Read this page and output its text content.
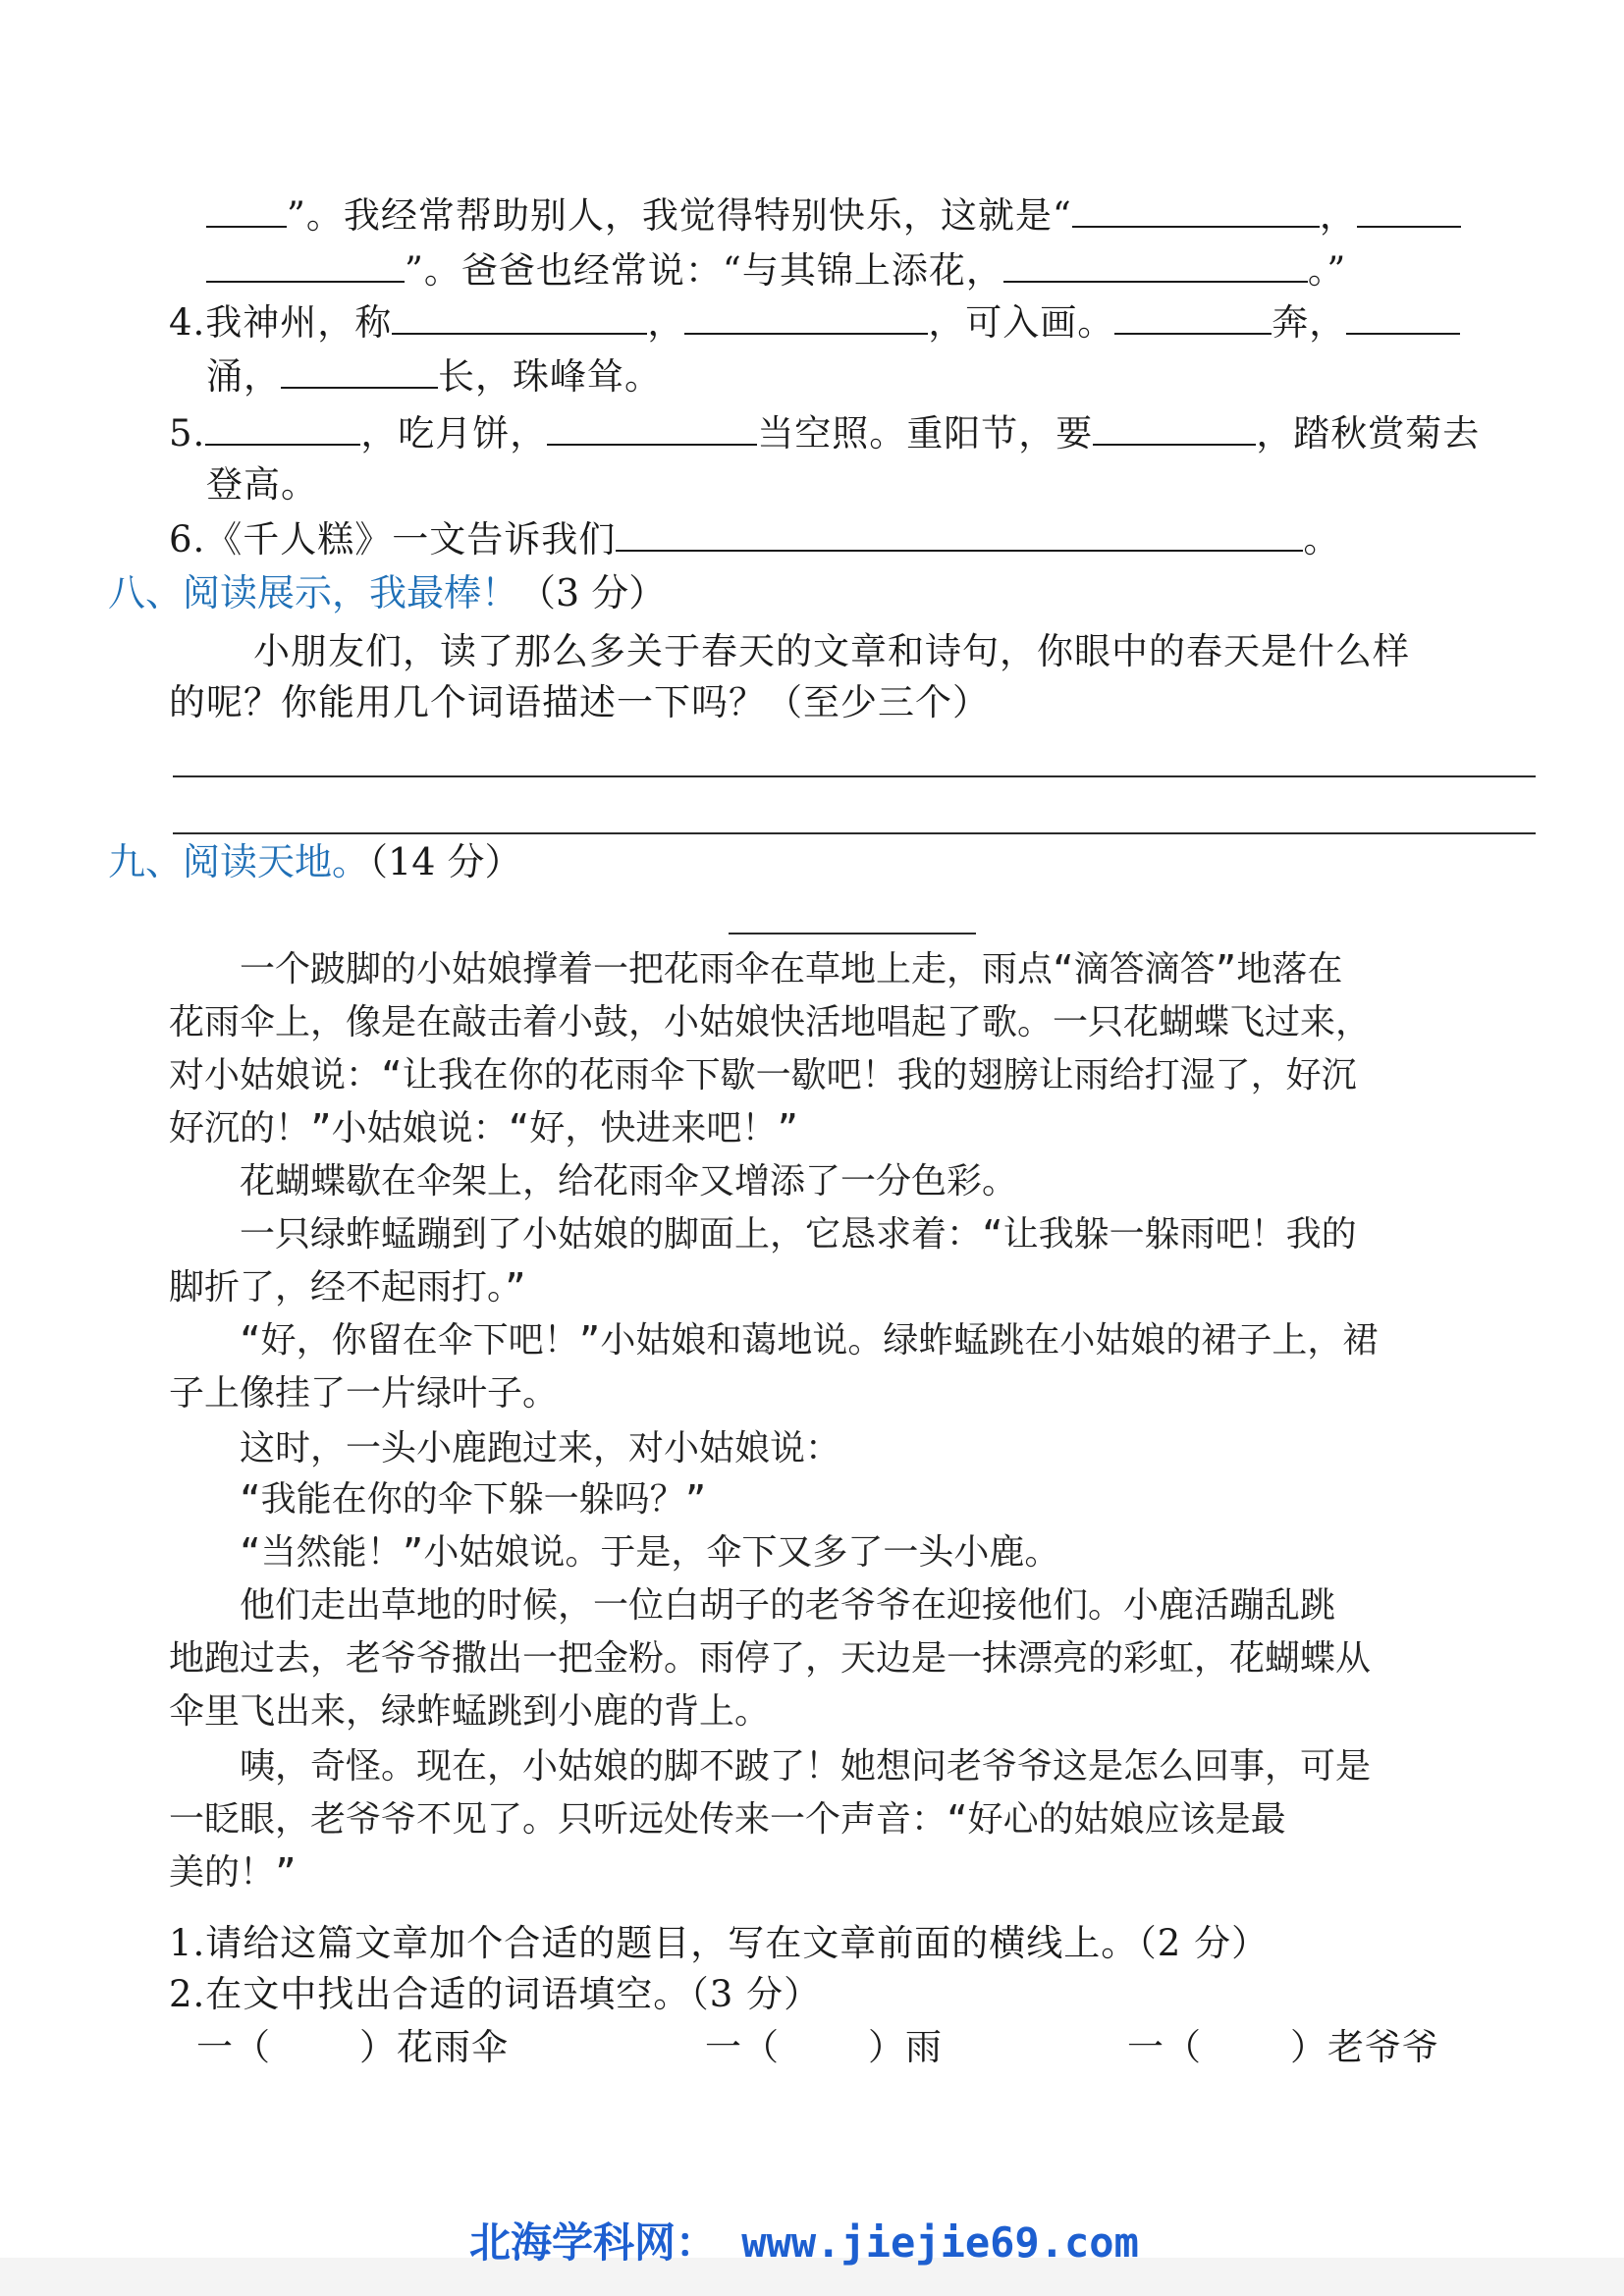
”。我经常帮助别人，我觉得特别快乐，这就是“	，
”。爸爸也经常说：“与其锦上添花，	。”
4.我神州，称	，	，可入画。	奔，
涌，	长，珠峰耸。
5.	，吃月饼，	当空照。重阳节，要	，踏秋赏菊去
登高。
6.《千人糕》一文告诉我们	。
八、阅读展示，我最棒！（3 分）
小朋友们，读了那么多关于春天的文章和诗句，你眼中的春天是什么样
的呢？你能用几个词语描述一下吗？（至少三个）
九、阅读天地。（14 分）
　　一个跛脚的小姑娘撑着一把花雨伞在草地上走，雨点“滴答滴答”地落在
花雨伞上，像是在敲击着小鼓，小姑娘快活地唱起了歌。一只花蝴蝶飞过来，
对小姑娘说：“让我在你的花雨伞下歇一歇吧！我的翅膀让雨给打湿了，好沉
好沉的！”小姑娘说：“好，快进来吧！”
　　花蝴蝶歇在伞架上，给花雨伞又增添了一分色彩。
　　一只绿蚱蜢蹦到了小姑娘的脚面上，它恳求着：“让我躲一躲雨吧！我的
脚折了，经不起雨打。”
　　“好，你留在伞下吧！”小姑娘和蔼地说。绿蚱蜢跳在小姑娘的裙子上，裙
子上像挂了一片绿叶子。
　　这时，一头小鹿跑过来，对小姑娘说：
　　“我能在你的伞下躲一躲吗？”
　　“当然能！”小姑娘说。于是，伞下又多了一头小鹿。
　　他们走出草地的时候，一位白胡子的老爷爷在迎接他们。小鹿活蹦乱跳
地跑过去，老爷爷撒出一把金粉。雨停了，天边是一抹漂亮的彩虹，花蝴蝶从
伞里飞出来，绿蚱蜢跳到小鹿的背上。
　　咦，奇怪。现在，小姑娘的脚不跛了！她想问老爷爷这是怎么回事，可是
一眨眼，老爷爷不见了。只听远处传来一个声音：“好心的姑娘应该是最
美的！”
1.请给这篇文章加个合适的题目，写在文章前面的横线上。（2 分）
2.在文中找出合适的词语填空。（3 分）
一（ ）花雨伞	一（ ）雨	一（ ）老爷爷
北海学科网： www.jiejie69.com
